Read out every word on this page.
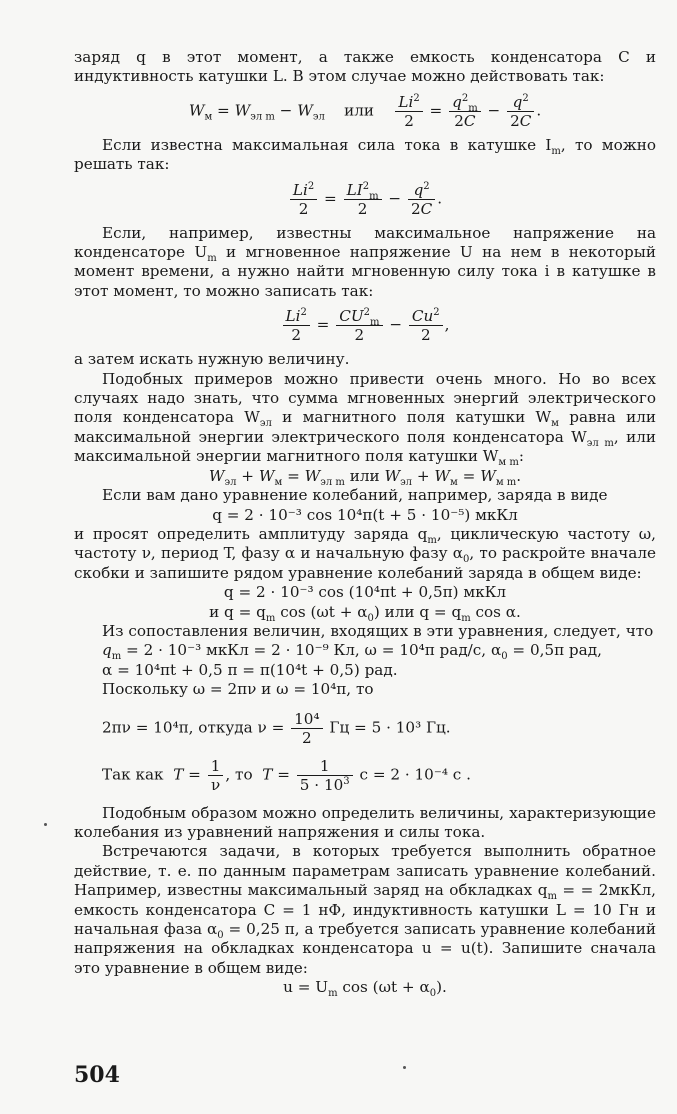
заряд q в этот момент, а также емкость конденсатора C и индуктивность катушки L. В этом случае можно действовать так:

$W_м = W_{эл m} - W_{эл}$ или $\frac{Li^2}{2} = \frac{q^2_m}{2C} - \frac{q^2}{2C}$ .

Если известна максимальная сила тока в катушке $I_m$, то можно решать так:

$\frac{Li^2}{2} = \frac{LI^2_m}{2} - \frac{q^2}{2C}$ .

Если, например, известны максимальное напряжение на конденсаторе $U_m$ и мгновенное напряжение U на нем в некоторый момент времени, а нужно найти мгновенную силу тока i в катушке в этот момент, то можно записать так:

$\frac{Li^2}{2} = \frac{CU^2_m}{2} - \frac{Cu^2}{2}$ ,

а затем искать нужную величину.

Подобных примеров можно привести очень много. Но во всех случаях надо знать, что сумма мгновенных энергий электрического поля конденсатора $W_{эл}$ и магнитного поля катушки $W_м$ равна или максимальной энергии электрического поля конденсатора $W_{эл m}$, или максимальной энергии магнитного поля катушки $W_{м m}$:

$W_{эл} + W_м = W_{эл m}$ или $W_{эл} + W_м = W_{м m}$.

Если вам дано уравнение колебаний, например, заряда в виде

q = 2 · 10⁻³ cos 10⁴π(t + 5 · 10⁻⁵) мкКл

и просят определить амплитуду заряда $q_m$, циклическую частоту ω, частоту ν, период T, фазу α и начальную фазу $\alpha_0$, то раскройте вначале скобки и запишите рядом уравнение колебаний заряда в общем виде:

q = 2 · 10⁻³ cos (10⁴πt + 0,5π) мкКл

и $q = q_m$ $\cos (\omega t + \alpha_0)$ или $q = q_m$ cos α.

Из сопоставления величин, входящих в эти уравнения, следует, что

$q_m = 2 \cdot 10^{-3}$ мкКл = 2 · 10⁻⁹ Кл, ω = 10⁴π рад/с, $\alpha_0 = 0,5\pi$ рад,

α = 10⁴πt + 0,5 π = π(10⁴t + 0,5) рад.

Поскольку ω = 2πν и ω = 10⁴π, то

2πν = 10⁴π, откуда $\nu = \frac{\text{10⁴}}{2}$ Гц = 5 · 10³ Гц.
Так как $T = \frac{1}{\nu}$ , то $T = \frac{1}{5 \cdot 10^3}$ с = 2 · 10⁻⁴ с .

Подобным образом можно определить величины, характеризующие колебания из уравнений напряжения и силы тока.

Встречаются задачи, в которых требуется выполнить обратное действие, т. е. по данным параметрам записать уравнение колебаний. Например, известны максимальный заряд на обкладках $q_m$ = = 2мкКл, емкость конденсатора C = 1 нФ, индуктивность катушки L = 10 Гн и начальная фаза $\alpha_0 = 0,25$ π, а требуется записать уравнение колебаний напряжения на обкладках конденсатора u = u(t). Запишите сначала это уравнение в общем виде:

$u = U_m$ $\cos (\omega t + \alpha_0)$.

504
